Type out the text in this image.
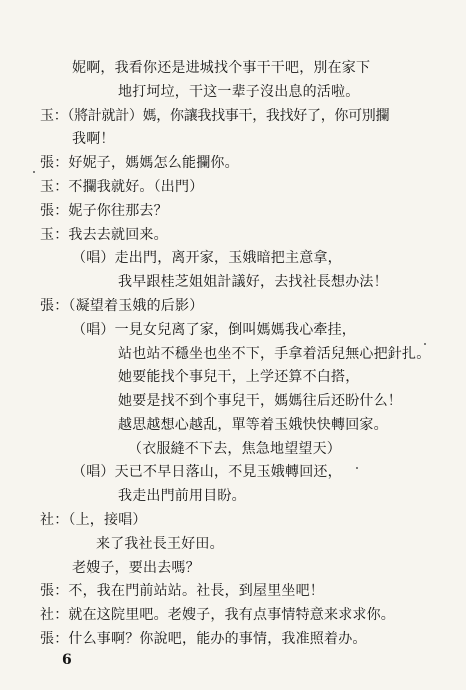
妮啊，我看你还是进城找个事干干吧，別在家下
地打坷垃，干这一辈子沒出息的活啦。
玉：（將計就計）媽，你讓我找事干，我找好了，你可別攔
我啊！
張：好妮子，媽媽怎么能攔你。
玉：不攔我就好。（出門）
張：妮子你往那去？
玉：我去去就回来。
（唱）走出門，离开家，玉娥暗把主意拿，
我早跟桂芝姐姐計議好，去找社長想办法！
張：（凝望着玉娥的后影）
（唱）一見女兒离了家，倒叫媽媽我心牽挂，
站也站不穩坐也坐不下，手拿着活兒無心把針扎。
她要能找个事兒干，上学还算不白搭，
她要是找不到个事兒干，媽媽往后还盼什么！
越思越想心越乱，單等着玉娥快快轉回家。
（衣服縫不下去，焦急地望望天）
（唱）天已不早日落山，不見玉娥轉回还，
我走出門前用目盼。
社：（上，接唱）
来了我社長王好田。
老嫂子，要出去嗎？
張：不，我在門前站站。社長，到屋里坐吧！
社：就在这院里吧。老嫂子，我有点事情特意来求求你。
張：什么事啊？你說吧，能办的事情，我准照着办。
6
